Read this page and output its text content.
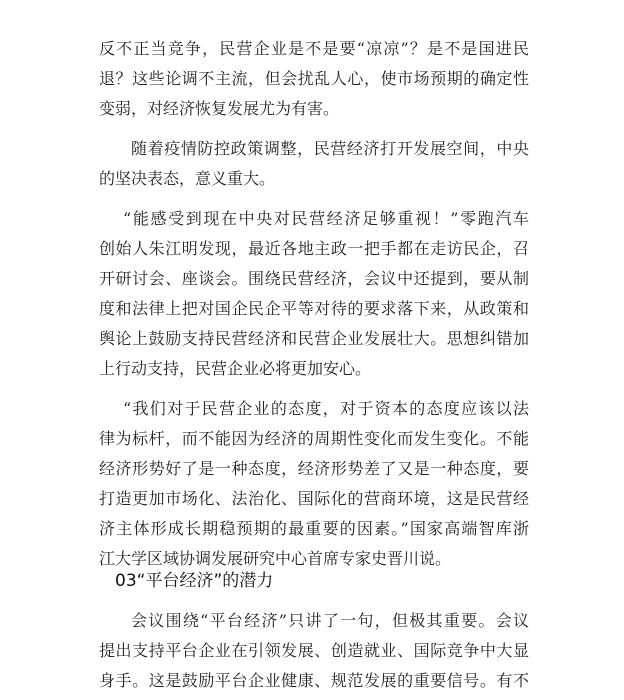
反不正当竞争，民营企业是不是要“凉凉”？是不是国进民
退？这些论调不主流，但会扰乱人心，使市场预期的确定性
变弱，对经济恢复发展尤为有害。
随着疫情防控政策调整，民营经济打开发展空间，中央
的坚决表态，意义重大。
“能感受到现在中央对民营经济足够重视！”零跑汽车
创始人朱江明发现，最近各地主政一把手都在走访民企，召
开研讨会、座谈会。围绕民营经济，会议中还提到，要从制
度和法律上把对国企民企平等对待的要求落下来，从政策和
舆论上鼓励支持民营经济和民营企业发展壮大。思想纠错加
上行动支持，民营企业必将更加安心。
“我们对于民营企业的态度，对于资本的态度应该以法
律为标杆，而不能因为经济的周期性变化而发生变化。不能
经济形势好了是一种态度，经济形势差了又是一种态度，要
打造更加市场化、法治化、国际化的营商环境，这是民营经
济主体形成长期稳预期的最重要的因素。”国家高端智库浙
江大学区域协调发展研究中心首席专家史晋川说。
03“平台经济”的潜力
会议围绕“平台经济”只讲了一句，但极其重要。会议
提出支持平台企业在引领发展、创造就业、国际竞争中大显
身手。这是鼓励平台企业健康、规范发展的重要信号。有不
